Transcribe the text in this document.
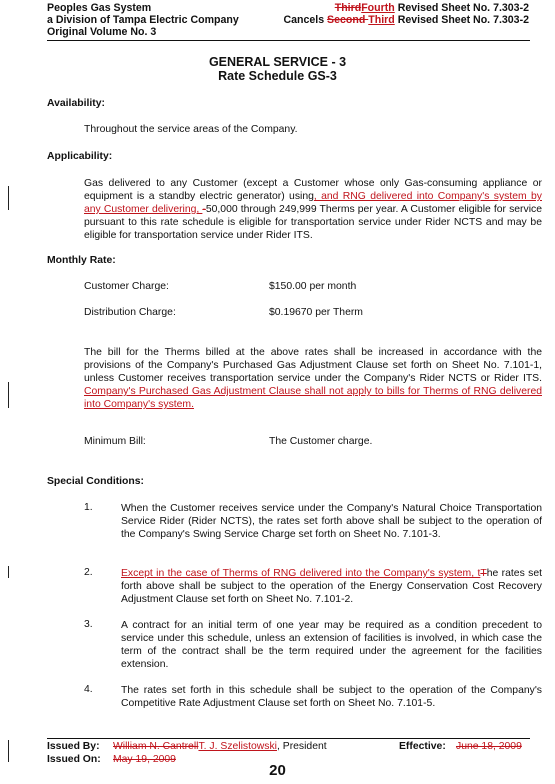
Peoples Gas System
a Division of Tampa Electric Company
Original Volume No. 3
ThirdFourth Revised Sheet No. 7.303-2
Cancels Second Third Revised Sheet No. 7.303-2
GENERAL SERVICE - 3
Rate Schedule GS-3
Availability:
Throughout the service areas of the Company.
Applicability:
Gas delivered to any Customer (except a Customer whose only Gas-consuming appliance or equipment is a standby electric generator) using, and RNG delivered into Company's system by any Customer delivering, -50,000 through 249,999 Therms per year. A Customer eligible for service pursuant to this rate schedule is eligible for transportation service under Rider NCTS and may be eligible for transportation service under Rider ITS.
Monthly Rate:
Customer Charge:	$150.00 per month
Distribution Charge:	$0.19670 per Therm
The bill for the Therms billed at the above rates shall be increased in accordance with the provisions of the Company's Purchased Gas Adjustment Clause set forth on Sheet No. 7.101-1, unless Customer receives transportation service under the Company's Rider NCTS or Rider ITS. Company's Purchased Gas Adjustment Clause shall not apply to bills for Therms of RNG delivered into Company's system.
Minimum Bill:	The Customer charge.
Special Conditions:
1.	When the Customer receives service under the Company's Natural Choice Transportation Service Rider (Rider NCTS), the rates set forth above shall be subject to the operation of the Company's Swing Service Charge set forth on Sheet No. 7.101-3.
2.	Except in the case of Therms of RNG delivered into the Company's system, tThe rates set forth above shall be subject to the operation of the Energy Conservation Cost Recovery Adjustment Clause set forth on Sheet No. 7.101-2.
3.	A contract for an initial term of one year may be required as a condition precedent to service under this schedule, unless an extension of facilities is involved, in which case the term of the contract shall be the term required under the agreement for the facilities extension.
4.	The rates set forth in this schedule shall be subject to the operation of the Company's Competitive Rate Adjustment Clause set forth on Sheet No. 7.101-5.
Issued By: William N. CantrellT. J. Szelistowski, President	Effective: June 18, 2009
Issued On: May 19, 2009
20
